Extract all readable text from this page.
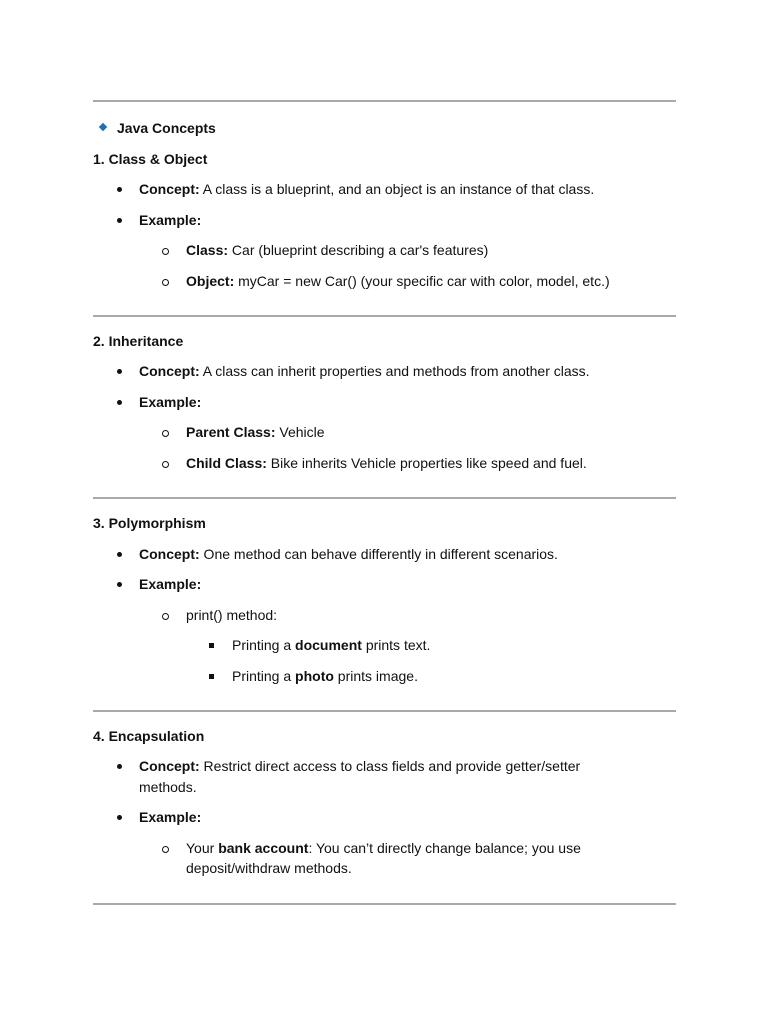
Java Concepts
1. Class & Object
Concept: A class is a blueprint, and an object is an instance of that class.
Example:
Class: Car (blueprint describing a car's features)
Object: myCar = new Car() (your specific car with color, model, etc.)
2. Inheritance
Concept: A class can inherit properties and methods from another class.
Example:
Parent Class: Vehicle
Child Class: Bike inherits Vehicle properties like speed and fuel.
3. Polymorphism
Concept: One method can behave differently in different scenarios.
Example:
print() method:
Printing a document prints text.
Printing a photo prints image.
4. Encapsulation
Concept: Restrict direct access to class fields and provide getter/setter
methods.
Example:
Your bank account: You can’t directly change balance; you use
deposit/withdraw methods.
